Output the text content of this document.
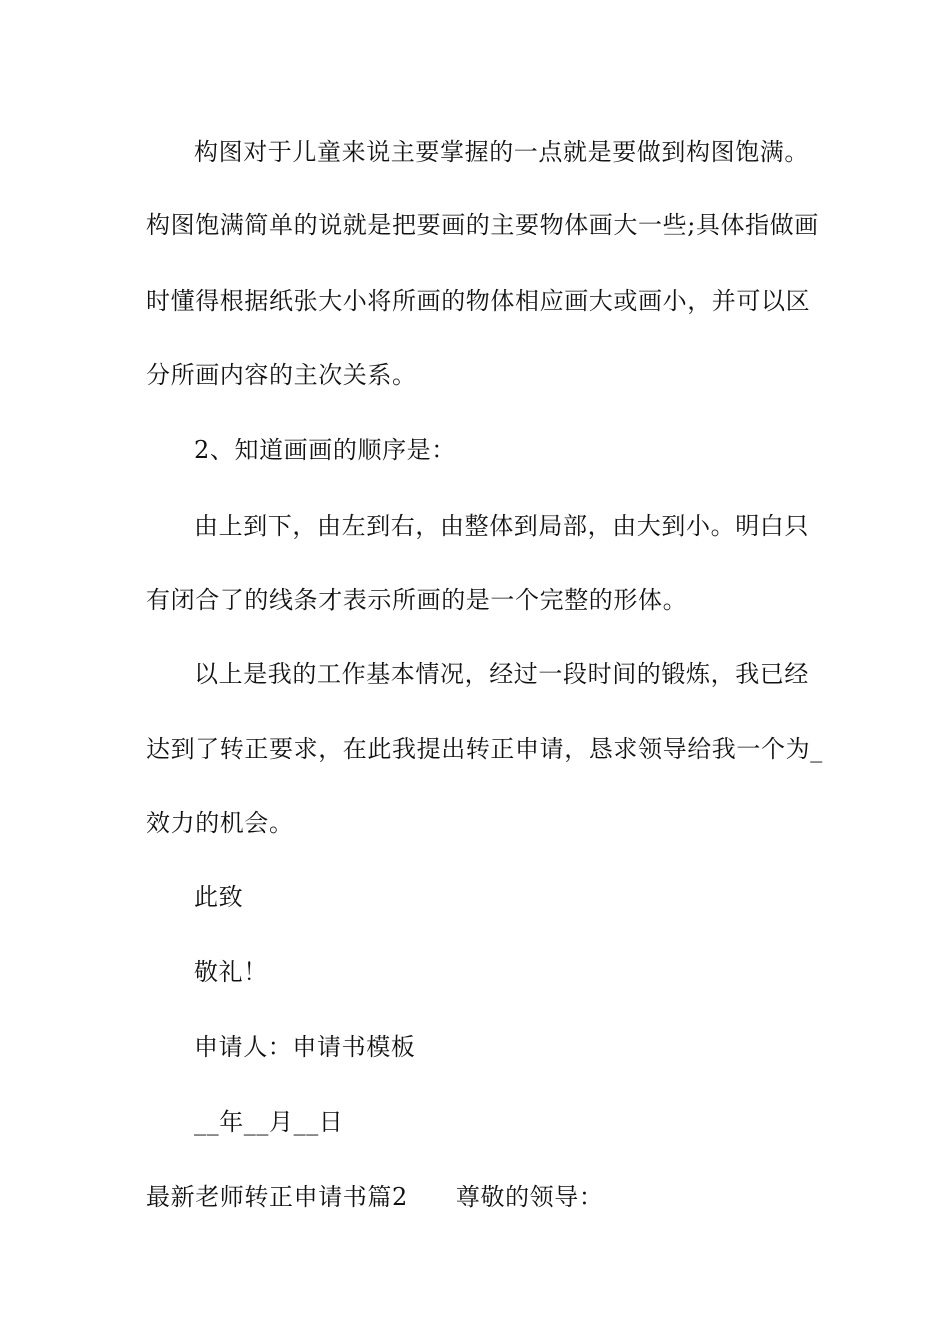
构图对于儿童来说主要掌握的一点就是要做到构图饱满。
构图饱满简单的说就是把要画的主要物体画大一些;具体指做画
时懂得根据纸张大小将所画的物体相应画大或画小，并可以区
分所画内容的主次关系。
2、知道画画的顺序是：
由上到下，由左到右，由整体到局部，由大到小。明白只
有闭合了的线条才表示所画的是一个完整的形体。
以上是我的工作基本情况，经过一段时间的锻炼，我已经
达到了转正要求，在此我提出转正申请，恳求领导给我一个为_
效力的机会。
此致
敬礼！
申请人：申请书模板
__年__月__日
最新老师转正申请书篇2 尊敬的领导：
